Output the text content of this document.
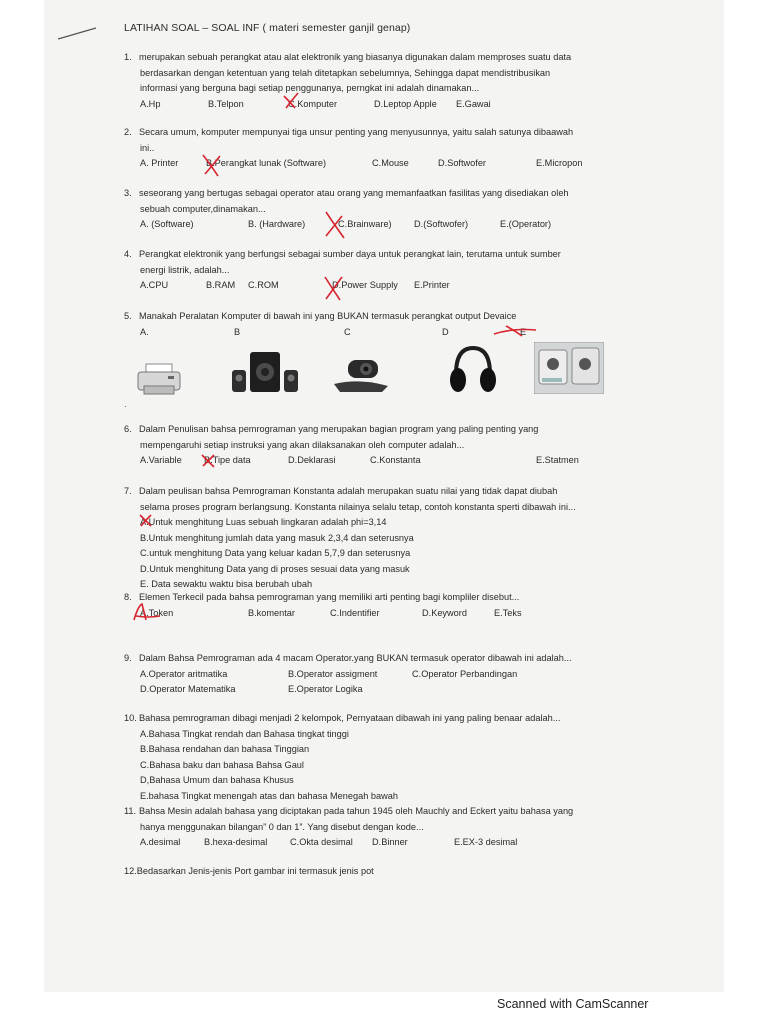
LATIHAN SOAL – SOAL INF ( materi semester ganjil genap)
1. merupakan sebuah perangkat atau alat elektronik yang biasanya digunakan dalam memproses suatu data
berdasarkan dengan ketentuan yang telah ditetapkan sebelumnya, Sehingga dapat mendistribusikan
informasi yang berguna bagi setiap penggunanya, perngkat ini adalah dinamakan...
A.Hp	B.Telpon	C.Komputer	D.Leptop Apple E.Gawai
2. Secara umum, komputer mempunyai tiga unsur penting yang menyusunnya, yaitu salah satunya dibaawah
ini..
A. Printer	B.Perangkat lunak (Software)	C.Mouse	D.Softwofer	E.Micropon
3. seseorang yang bertugas sebagai operator atau orang yang memanfaatkan fasilitas yang disediakan oleh
sebuah computer,dinamakan...
A. (Software)	B. (Hardware)	C.Brainware) D.(Softwofer)	E.(Operator)
4. Perangkat elektronik yang berfungsi sebagai sumber daya untuk perangkat lain, terutama untuk sumber
energi listrik, adalah...
A.CPU	B.RAM C.ROM	D.Power Supply E.Printer
5. Manakah Peralatan Komputer di bawah ini yang BUKAN termasuk perangkat output Devaice
A.	B	C	D	E
·
6. Dalam Penulisan bahsa pemrograman yang merupakan bagian program yang paling penting yang
mempengaruhi setiap instruksi yang akan dilaksanakan oleh computer adalah...
A.Variable B.Tipe data	D.Deklarasi	C.Konstanta	E.Statmen
7. Dalam peulisan bahsa Pemrograman Konstanta adalah merupakan suatu nilai yang tidak dapat diubah
selama proses program berlangsung. Konstanta nilainya selalu tetap, contoh konstanta sperti dibawah ini...
A.Untuk menghitung Luas sebuah lingkaran adalah phi=3,14
B.Untuk menghitung jumlah data yang masuk 2,3,4 dan seterusnya
C.untuk menghitung Data yang keluar kadan 5,7,9 dan seterusnya
D.Untuk menghitung Data yang di proses sesuai data yang masuk
E. Data sewaktu waktu bisa berubah ubah
8. Elemen Terkecil pada bahsa pemrograman yang memiliki arti penting bagi kompliler disebut...
A.Token	B.komentar	C.Indentifier	D.Keyword	E.Teks
9. Dalam Bahsa Pemrograman ada 4 macam Operator.yang BUKAN termasuk operator dibawah ini adalah...
A.Operator aritmatika	B.Operator assigment	C.Operator Perbandingan
D.Operator Matematika	E.Operator Logika
10. Bahasa pemrograman dibagi menjadi 2 kelompok, Pernyataan dibawah ini yang paling benaar adalah...
A.Bahasa Tingkat rendah dan Bahasa tingkat tinggi
B.Bahasa rendahan dan bahasa Tinggian
C.Bahasa baku dan bahasa Bahsa Gaul
D,Bahasa Umum dan bahasa Khusus
E.bahasa Tingkat menengah atas dan bahasa Menegah bawah
11. Bahsa Mesin adalah bahasa yang diciptakan pada tahun 1945 oleh Mauchly and Eckert yaitu bahasa yang
hanya menggunakan bilangan” 0 dan 1”. Yang disebut dengan kode...
A.desimal	B.hexa-desimal C.Okta desimal D.Binner	E.EX-3 desimal
12.Bedasarkan Jenis-jenis Port gambar ini termasuk jenis pot
Scanned with CamScanner
